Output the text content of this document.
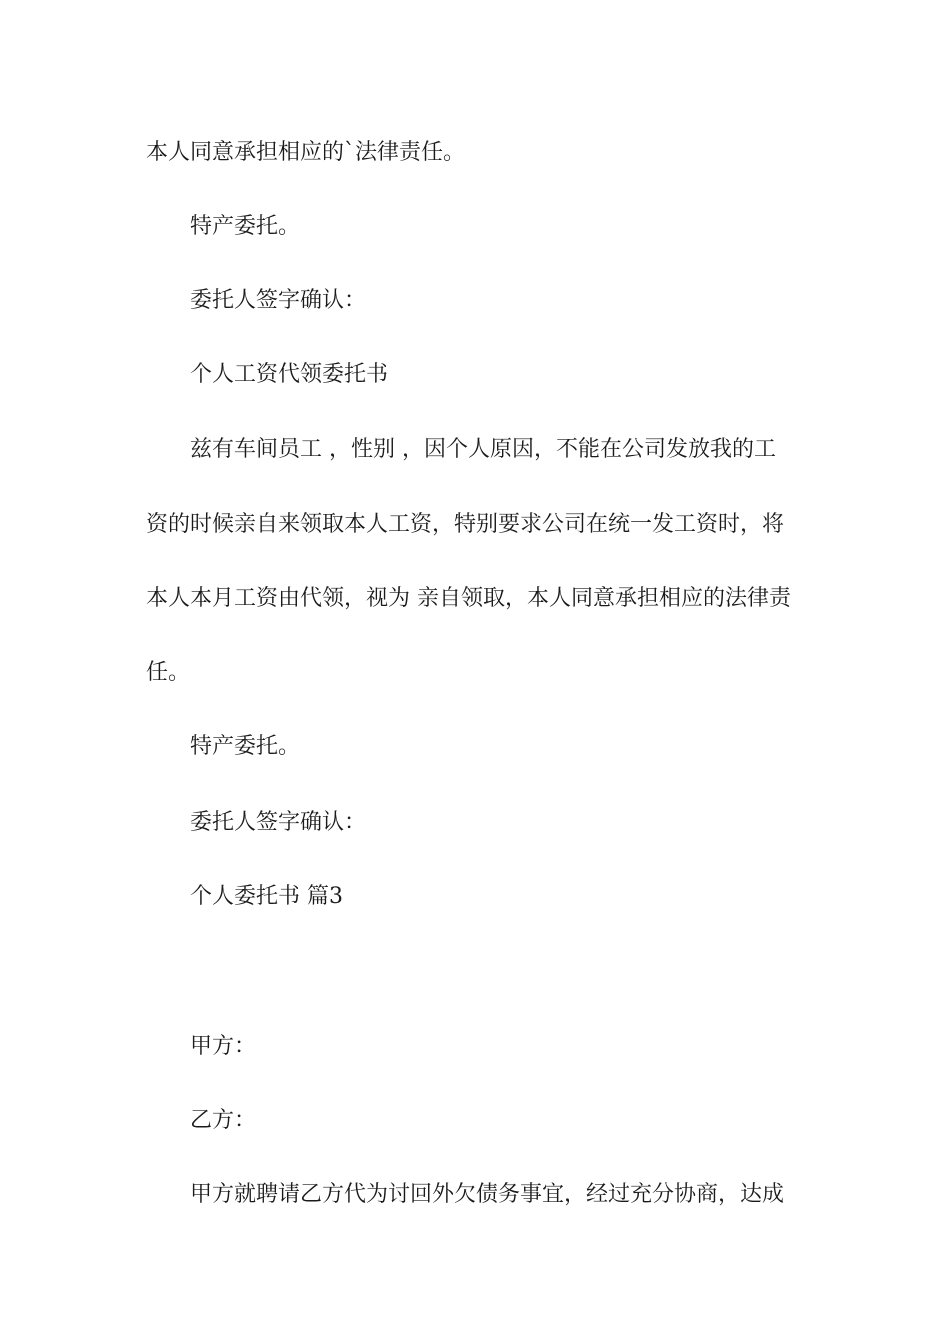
本人同意承担相应的`法律责任。

特产委托。

委托人签字确认：

个人工资代领委托书

兹有车间员工 ，性别 ，因个人原因，不能在公司发放我的工

资的时候亲自来领取本人工资，特别要求公司在统一发工资时，将

本人本月工资由代领，视为 亲自领取，本人同意承担相应的法律责

任。

特产委托。

委托人签字确认：

个人委托书 篇3

甲方：

乙方：

甲方就聘请乙方代为讨回外欠债务事宜，经过充分协商，达成
